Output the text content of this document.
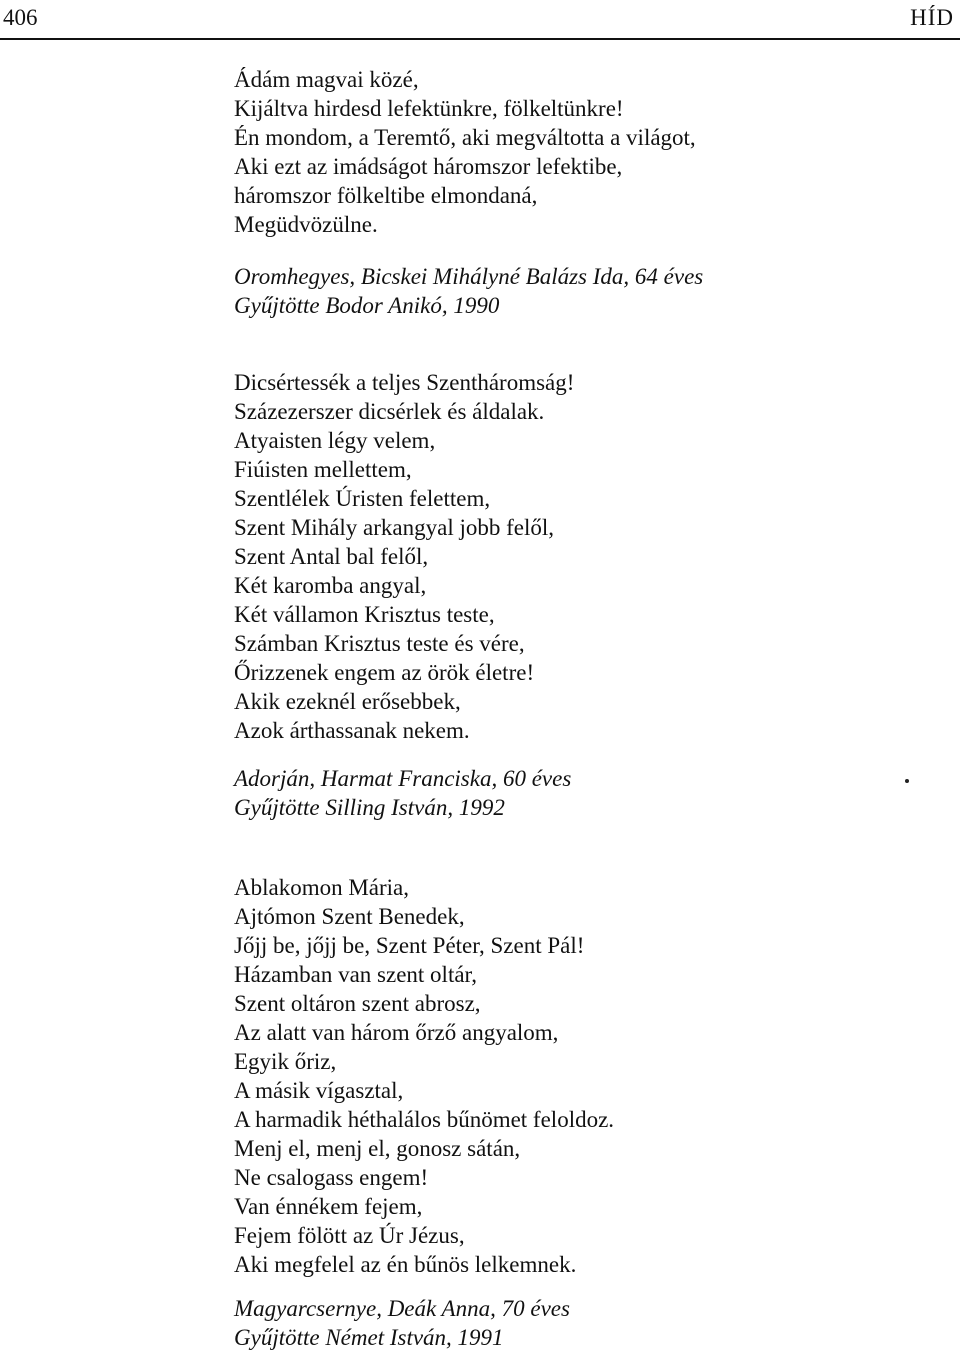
406	HÍD
Ádám magvai közé,
Kijáltva hirdesd lefektünkre, fölkeltünkre!
Én mondom, a Teremtő, aki megváltotta a világot,
Aki ezt az imádságot háromszor lefektibe,
háromszor fölkeltibe elmondaná,
Megüdvözülne.
Oromhegyes, Bicskei Mihályné Balázs Ida, 64 éves
Gyűjtötte Bodor Anikó, 1990
Dicsértessék a teljes Szentháromság!
Százezerszer dicsérlek és áldalak.
Atyaisten légy velem,
Fiúisten mellettem,
Szentlélek Úristen felettem,
Szent Mihály arkangyal jobb felől,
Szent Antal bal felől,
Két karomba angyal,
Két vállamon Krisztus teste,
Számban Krisztus teste és vére,
Őrizzenek engem az örök életre!
Akik ezeknél erősebbek,
Azok árthassanak nekem.
Adorján, Harmat Franciska, 60 éves
Gyűjtötte Silling István, 1992
Ablakomon Mária,
Ajtómon Szent Benedek,
Jőjj be, jőjj be, Szent Péter, Szent Pál!
Házamban van szent oltár,
Szent oltáron szent abrosz,
Az alatt van három őrző angyalom,
Egyik őriz,
A másik vígasztal,
A harmadik héthalálos bűnömet feloldoz.
Menj el, menj el, gonosz sátán,
Ne csalogass engem!
Van énnékem fejem,
Fejem fölött az Úr Jézus,
Aki megfelel az én bűnös lelkemnek.
Magyarcsernye, Deák Anna, 70 éves
Gyűjtötte Német István, 1991
